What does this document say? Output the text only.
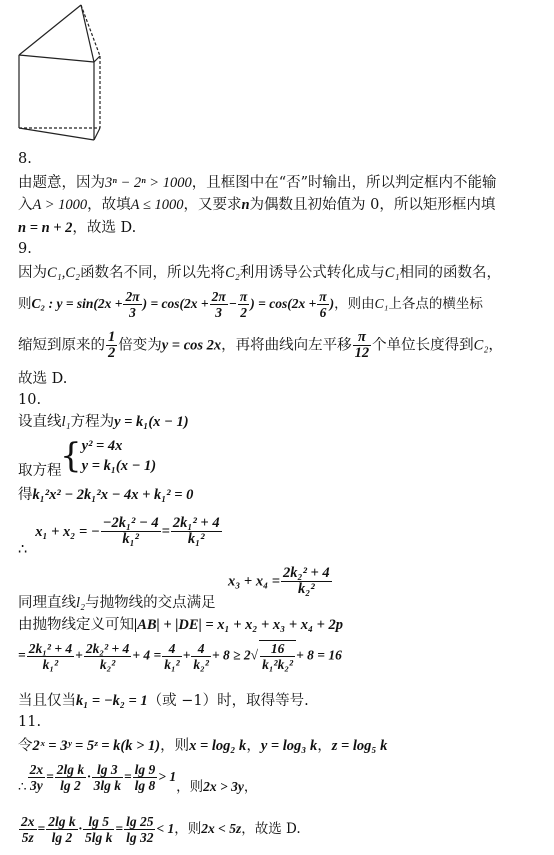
8.
由题意，因为3ⁿ − 2ⁿ > 1000，且框图中在“否”时输出，所以判定框内不能输
入A > 1000，故填A ≤ 1000，又要求n为偶数且初始值为 0，所以矩形框内填
n = n + 2，故选 D.
9.
因为C₁,C₂函数名不同，所以先将C₂利用诱导公式转化成与C₁相同的函数名，
则C₂ : $y = \sin(2x + \frac{2\pi}{3}$ ) = $\cos(2x + \frac{2\pi}{3} - \frac{\pi}{2}$ ) = $\cos(2x + \frac{\pi}{6}$ )，则由C₁上各点的横坐标
缩短到原来的 $\frac{1}{2}$ 倍变为y = cos 2x，再将曲线向左平移 $\frac{\pi}{12}$ 个单位长度得到C₂，
故选 D.
10.
设直线l₁方程为y = k₁(x − 1)
{ y² = 4x
y = k₁(x − 1)
取方程
得k₁²x² − 2k₁²x − 4x + k₁² = 0
∴x₁ + x₂ = − $\frac{\text{−2k₁² − 4}}{\text{k₁²}} = \frac{\text{2k₁² + 4}}{\text{k₁²}}$
$x_3 + x_4 = \frac{\text{2k₂² + 4}}{\text{k₂²}}$
同理直线l₂与抛物线的交点满足
由抛物线定义可知|AB| + |DE| = x₁ + x₂ + x₃ + x₄ + 2p
= $\frac{\text{2k₁² + 4}}{\text{k₁²}} + \frac{\text{2k₂² + 4}}{\text{k₂²}} + 4 = \frac{4}{\text{k₁²}} + \frac{4}{\text{k₂²}} + 8 \ge 2√ \frac{16}{\text{k₁²k₂²}} + 8 = 16$
当且仅当k₁ = −k₂ = 1（或 −1）时，取得等号.
11.
令2ˣ = 3ʸ = 5ᶻ = k(k > 1)，则x = log₂ k，y = log₃ k，z = log₅ k
∴ $\frac{2x}{3y} = \frac{\text{2lg k}}{\lg 2} \cdot \frac{\lg 3}{\text{3lg k}} = \frac{\lg 9}{\lg 8} > 1$，则2x > 3y，
$\frac{2x}{5z} = \frac{\text{2lg k}}{\lg 2} \cdot \frac{\lg 5}{\text{5lg k}} = \frac{\lg 25}{\lg 32} < 1$，则2x < 5z，故选 D.
